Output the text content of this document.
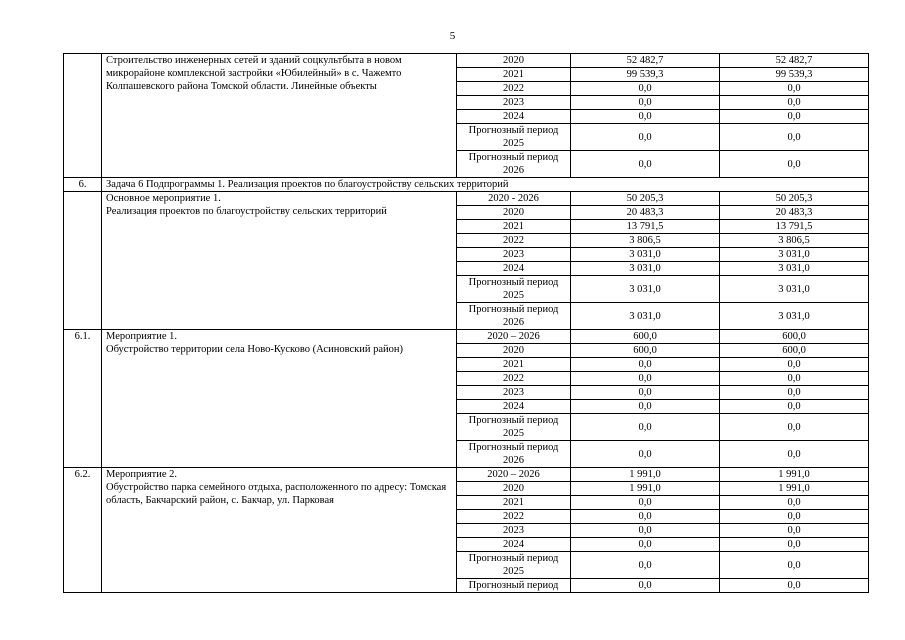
5
	Строительство инженерных сетей и зданий соцкультбыта в новом микрорайоне комплексной застройки «Юбилейный» в с. Чажемто Колпашевского района Томской области. Линейные объекты	2020	52 482,7	52 482,7
		2021	99 539,3	99 539,3
		2022	0,0	0,0
		2023	0,0	0,0
		2024	0,0	0,0
		Прогнозный период 2025	0,0	0,0
		Прогнозный период 2026	0,0	0,0
6.	Задача 6 Подпрограммы 1. Реализация проектов по благоустройству сельских территорий			
	Основное мероприятие 1.
Реализация проектов по благоустройству сельских территорий	2020 - 2026	50 205,3	50 205,3
		2020	20 483,3	20 483,3
		2021	13 791,5	13 791,5
		2022	3 806,5	3 806,5
		2023	3 031,0	3 031,0
		2024	3 031,0	3 031,0
		Прогнозный период 2025	3 031,0	3 031,0
		Прогнозный период 2026	3 031,0	3 031,0
6.1.	Мероприятие 1.
Обустройство территории села Ново-Кусково (Асиновский район)	2020 – 2026	600,0	600,0
		2020	600,0	600,0
		2021	0,0	0,0
		2022	0,0	0,0
		2023	0,0	0,0
		2024	0,0	0,0
		Прогнозный период 2025	0,0	0,0
		Прогнозный период 2026	0,0	0,0
6.2.	Мероприятие 2.
Обустройство парка семейного отдыха, расположенного по адресу: Томская область, Бакчарский район, с. Бакчар, ул. Парковая	2020 – 2026	1 991,0	1 991,0
		2020	1 991,0	1 991,0
		2021	0,0	0,0
		2022	0,0	0,0
		2023	0,0	0,0
		2024	0,0	0,0
		Прогнозный период 2025	0,0	0,0
		Прогнозный период	0,0	0,0
